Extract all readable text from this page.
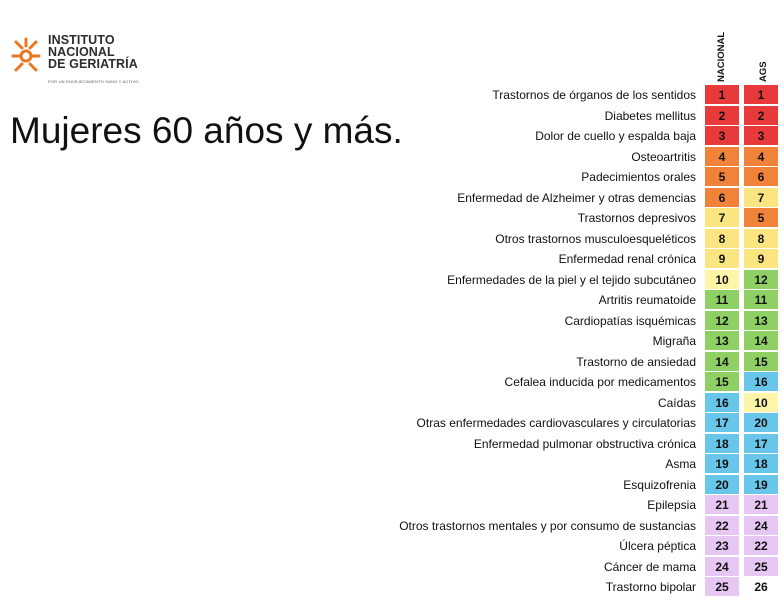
INSTITUTO
NACIONAL
DE GERIATRÍA
POR UN ENVEJECIMIENTO SANO Y ACTIVO
Mujeres 60 años y más.
NACIONAL	AGS
Trastornos de órganos de los sentidos	1	1
Diabetes mellitus	2	2
Dolor de cuello y espalda baja	3	3
Osteoartritis	4	4
Padecimientos orales	5	6
Enfermedad de Alzheimer y otras demencias	6	7
Trastornos depresivos	7	5
Otros trastornos musculoesqueléticos	8	8
Enfermedad renal crónica	9	9
Enfermedades de la piel y el tejido subcutáneo	10	12
Artritis reumatoide	11	11
Cardiopatías isquémicas	12	13
Migraña	13	14
Trastorno de ansiedad	14	15
Cefalea inducida por medicamentos	15	16
Caídas	16	10
Otras enfermedades cardiovasculares y circulatorias	17	20
Enfermedad pulmonar obstructiva crónica	18	17
Asma	19	18
Esquizofrenia	20	19
Epilepsia	21	21
Otros trastornos mentales y por consumo de sustancias	22	24
Úlcera péptica	23	22
Cáncer de mama	24	25
Trastorno bipolar	25	26
